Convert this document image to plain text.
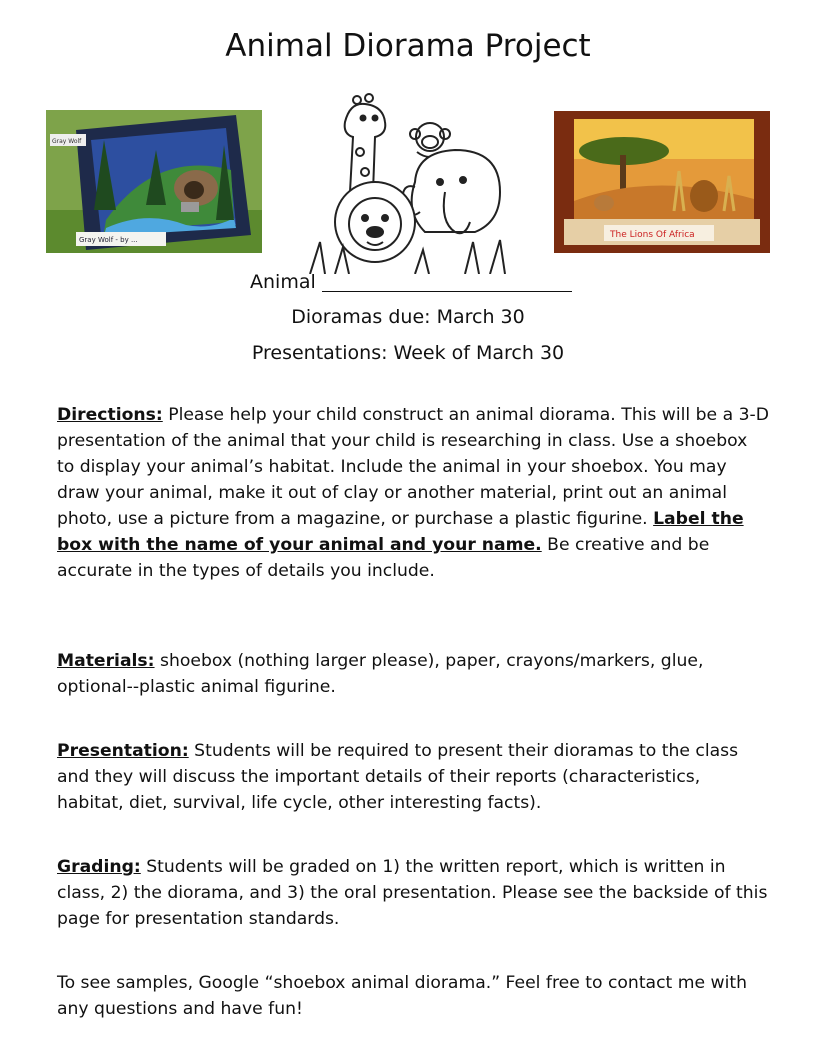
Animal Diorama Project
Gray Wolf
Gray Wolf - by ...	The Lions Of Africa
Animal
Dioramas due: March 30
Presentations: Week of March 30

Directions: Please help your child construct an animal diorama. This will be a 3-D presentation of the animal that your child is researching in class. Use a shoebox to display your animal’s habitat. Include the animal in your shoebox. You may draw your animal, make it out of clay or another material, print out an animal photo, use a picture from a magazine, or purchase a plastic figurine. Label the box with the name of your animal and your name. Be creative and be accurate in the types of details you include.

Materials: shoebox (nothing larger please), paper, crayons/markers, glue, optional--plastic animal figurine.

Presentation: Students will be required to present their dioramas to the class and they will discuss the important details of their reports (characteristics, habitat, diet, survival, life cycle, other interesting facts).

Grading: Students will be graded on 1) the written report, which is written in class, 2) the diorama, and 3) the oral presentation. Please see the backside of this page for presentation standards.

To see samples, Google “shoebox animal diorama.” Feel free to contact me with any questions and have fun!
